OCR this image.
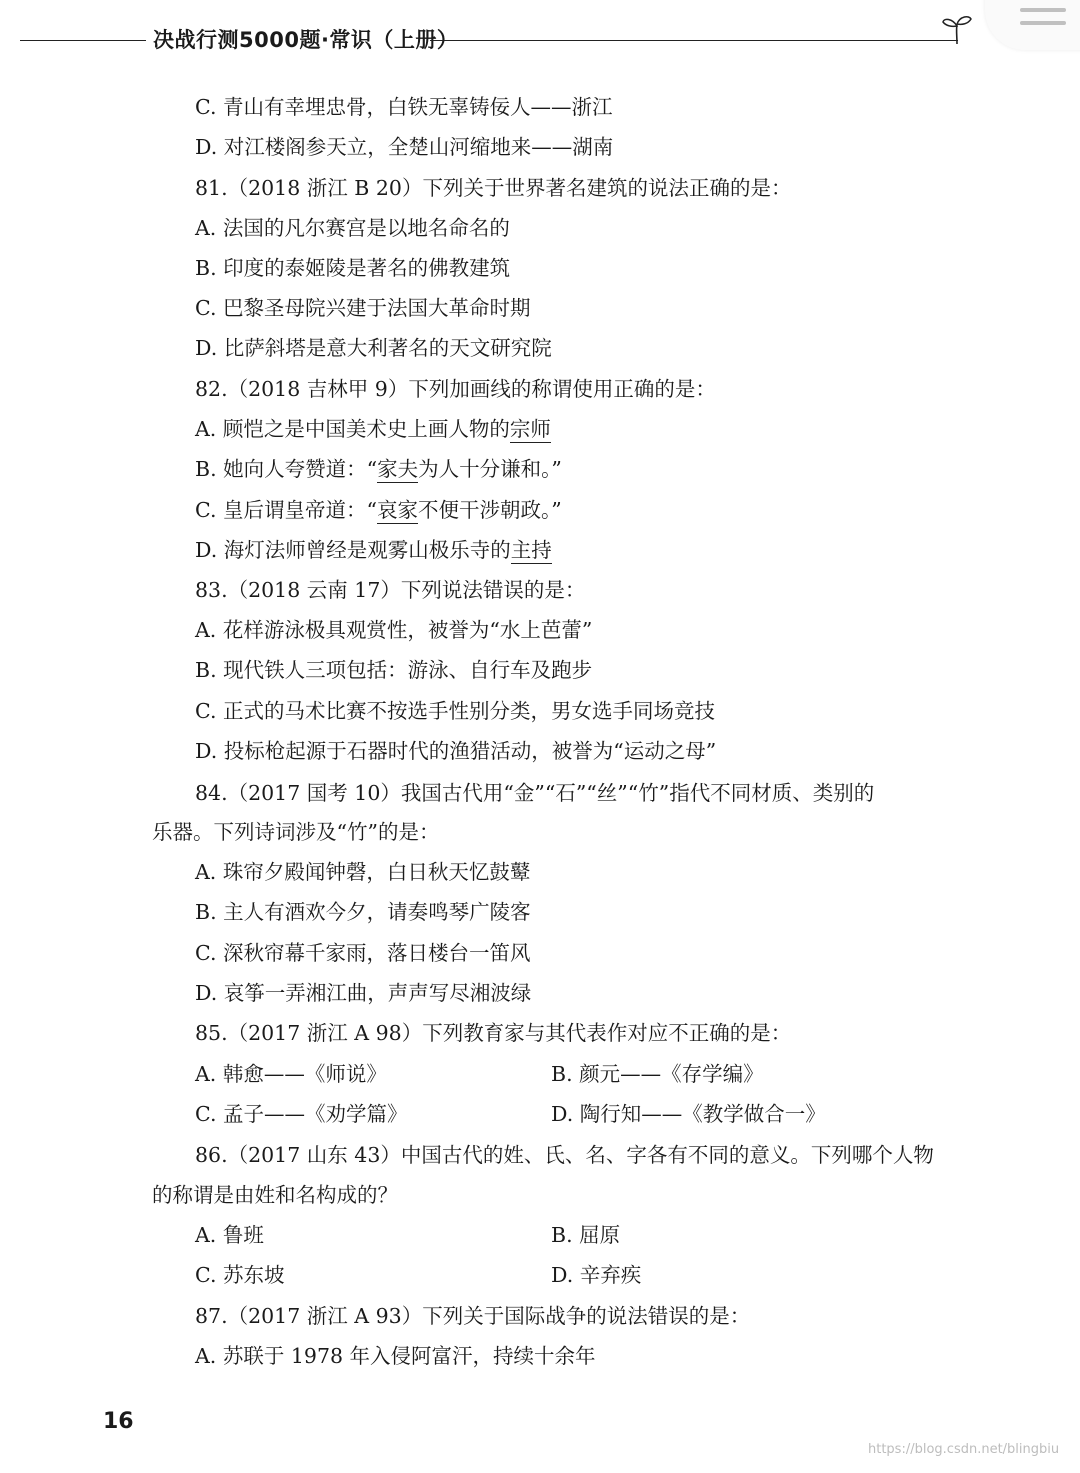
决战行测5000题·常识（上册）
C. 青山有幸埋忠骨，白铁无辜铸佞人——浙江
D. 对江楼阁参天立，全楚山河缩地来——湖南
81.（2018 浙江 B 20）下列关于世界著名建筑的说法正确的是：
A. 法国的凡尔赛宫是以地名命名的
B. 印度的泰姬陵是著名的佛教建筑
C. 巴黎圣母院兴建于法国大革命时期
D. 比萨斜塔是意大利著名的天文研究院
82.（2018 吉林甲 9）下列加画线的称谓使用正确的是：
A. 顾恺之是中国美术史上画人物的宗师
B. 她向人夸赞道：“家夫为人十分谦和。”
C. 皇后谓皇帝道：“哀家不便干涉朝政。”
D. 海灯法师曾经是观雾山极乐寺的主持
83.（2018 云南 17）下列说法错误的是：
A. 花样游泳极具观赏性，被誉为“水上芭蕾”
B. 现代铁人三项包括：游泳、自行车及跑步
C. 正式的马术比赛不按选手性别分类，男女选手同场竞技
D. 投标枪起源于石器时代的渔猎活动，被誉为“运动之母”
84.（2017 国考 10）我国古代用“金”“石”“丝”“竹”指代不同材质、类别的
乐器。下列诗词涉及“竹”的是：
A. 珠帘夕殿闻钟磬，白日秋天忆鼓鼙
B. 主人有酒欢今夕，请奏鸣琴广陵客
C. 深秋帘幕千家雨，落日楼台一笛风
D. 哀筝一弄湘江曲，声声写尽湘波绿
85.（2017 浙江 A 98）下列教育家与其代表作对应不正确的是：
A. 韩愈——《师说》	B. 颜元——《存学编》
C. 孟子——《劝学篇》	D. 陶行知——《教学做合一》
86.（2017 山东 43）中国古代的姓、氏、名、字各有不同的意义。下列哪个人物
的称谓是由姓和名构成的？
A. 鲁班	B. 屈原
C. 苏东坡	D. 辛弃疾
87.（2017 浙江 A 93）下列关于国际战争的说法错误的是：
A. 苏联于 1978 年入侵阿富汗，持续十余年
16
https://blog.csdn.net/blingbiu
